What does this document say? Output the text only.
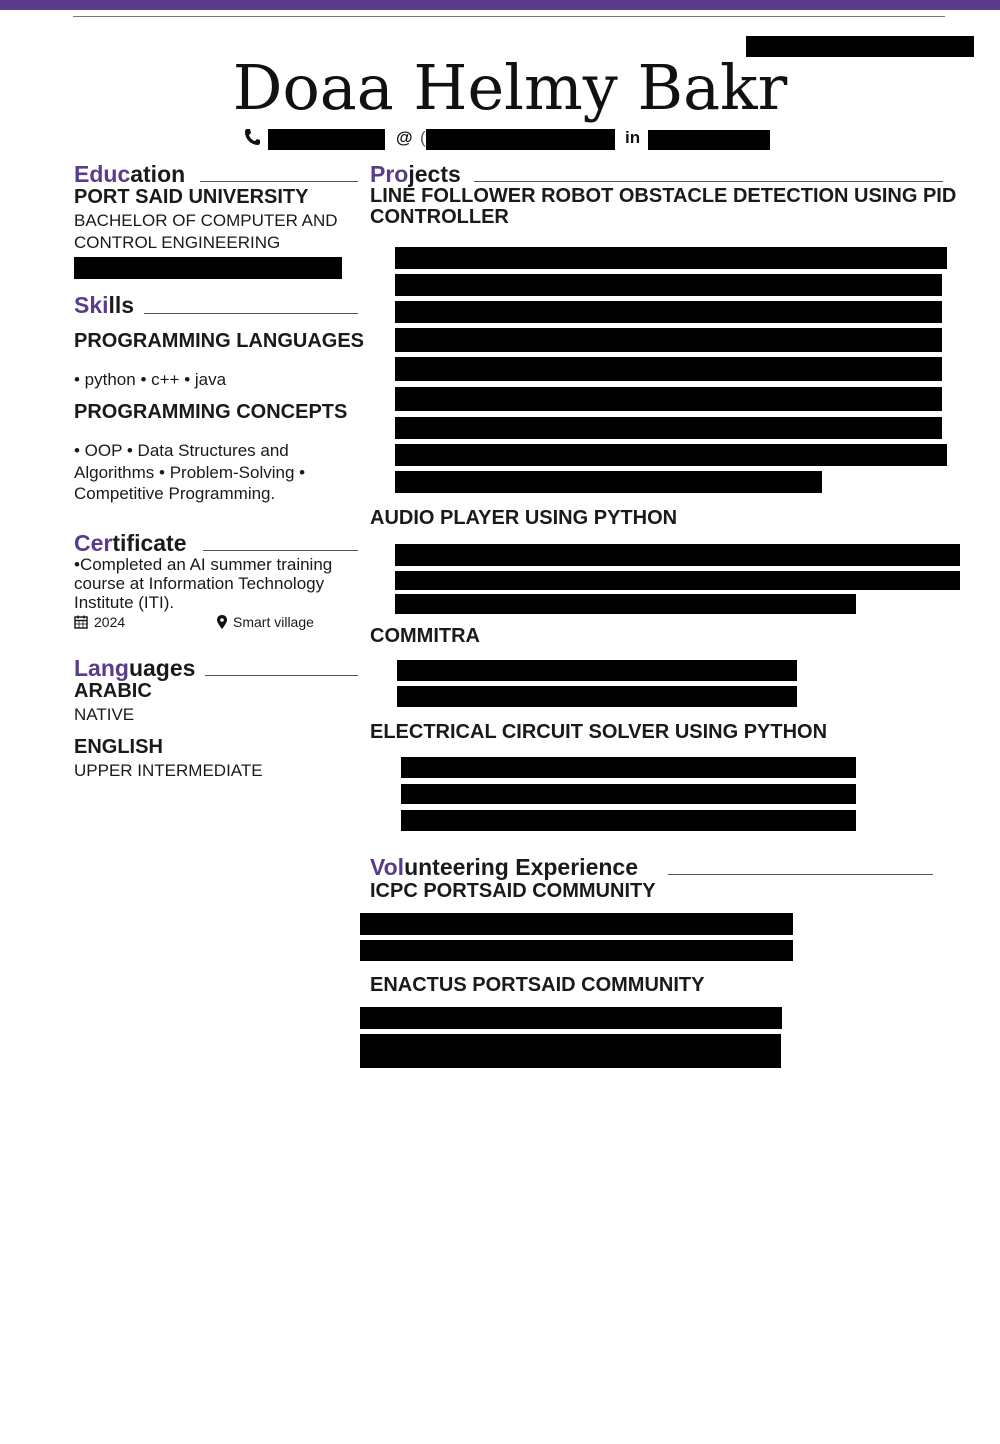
Doaa Helmy Bakr
@ (	in
Education
PORT SAID UNIVERSITY
BACHELOR OF COMPUTER AND CONTROL ENGINEERING
Skills
PROGRAMMING LANGUAGES
• python • c++ • java
PROGRAMMING CONCEPTS
• OOP • Data Structures and Algorithms • Problem-Solving • Competitive Programming.
Certificate
•Completed an AI summer training course at Information Technology Institute (ITI).
2024	Smart village
Languages
ARABIC
NATIVE
ENGLISH
UPPER INTERMEDIATE
Projects
LINE FOLLOWER ROBOT OBSTACLE DETECTION USING PID CONTROLLER
AUDIO PLAYER USING PYTHON
COMMITRA
ELECTRICAL CIRCUIT SOLVER USING PYTHON
Volunteering Experience
ICPC PORTSAID COMMUNITY
ENACTUS PORTSAID COMMUNITY
